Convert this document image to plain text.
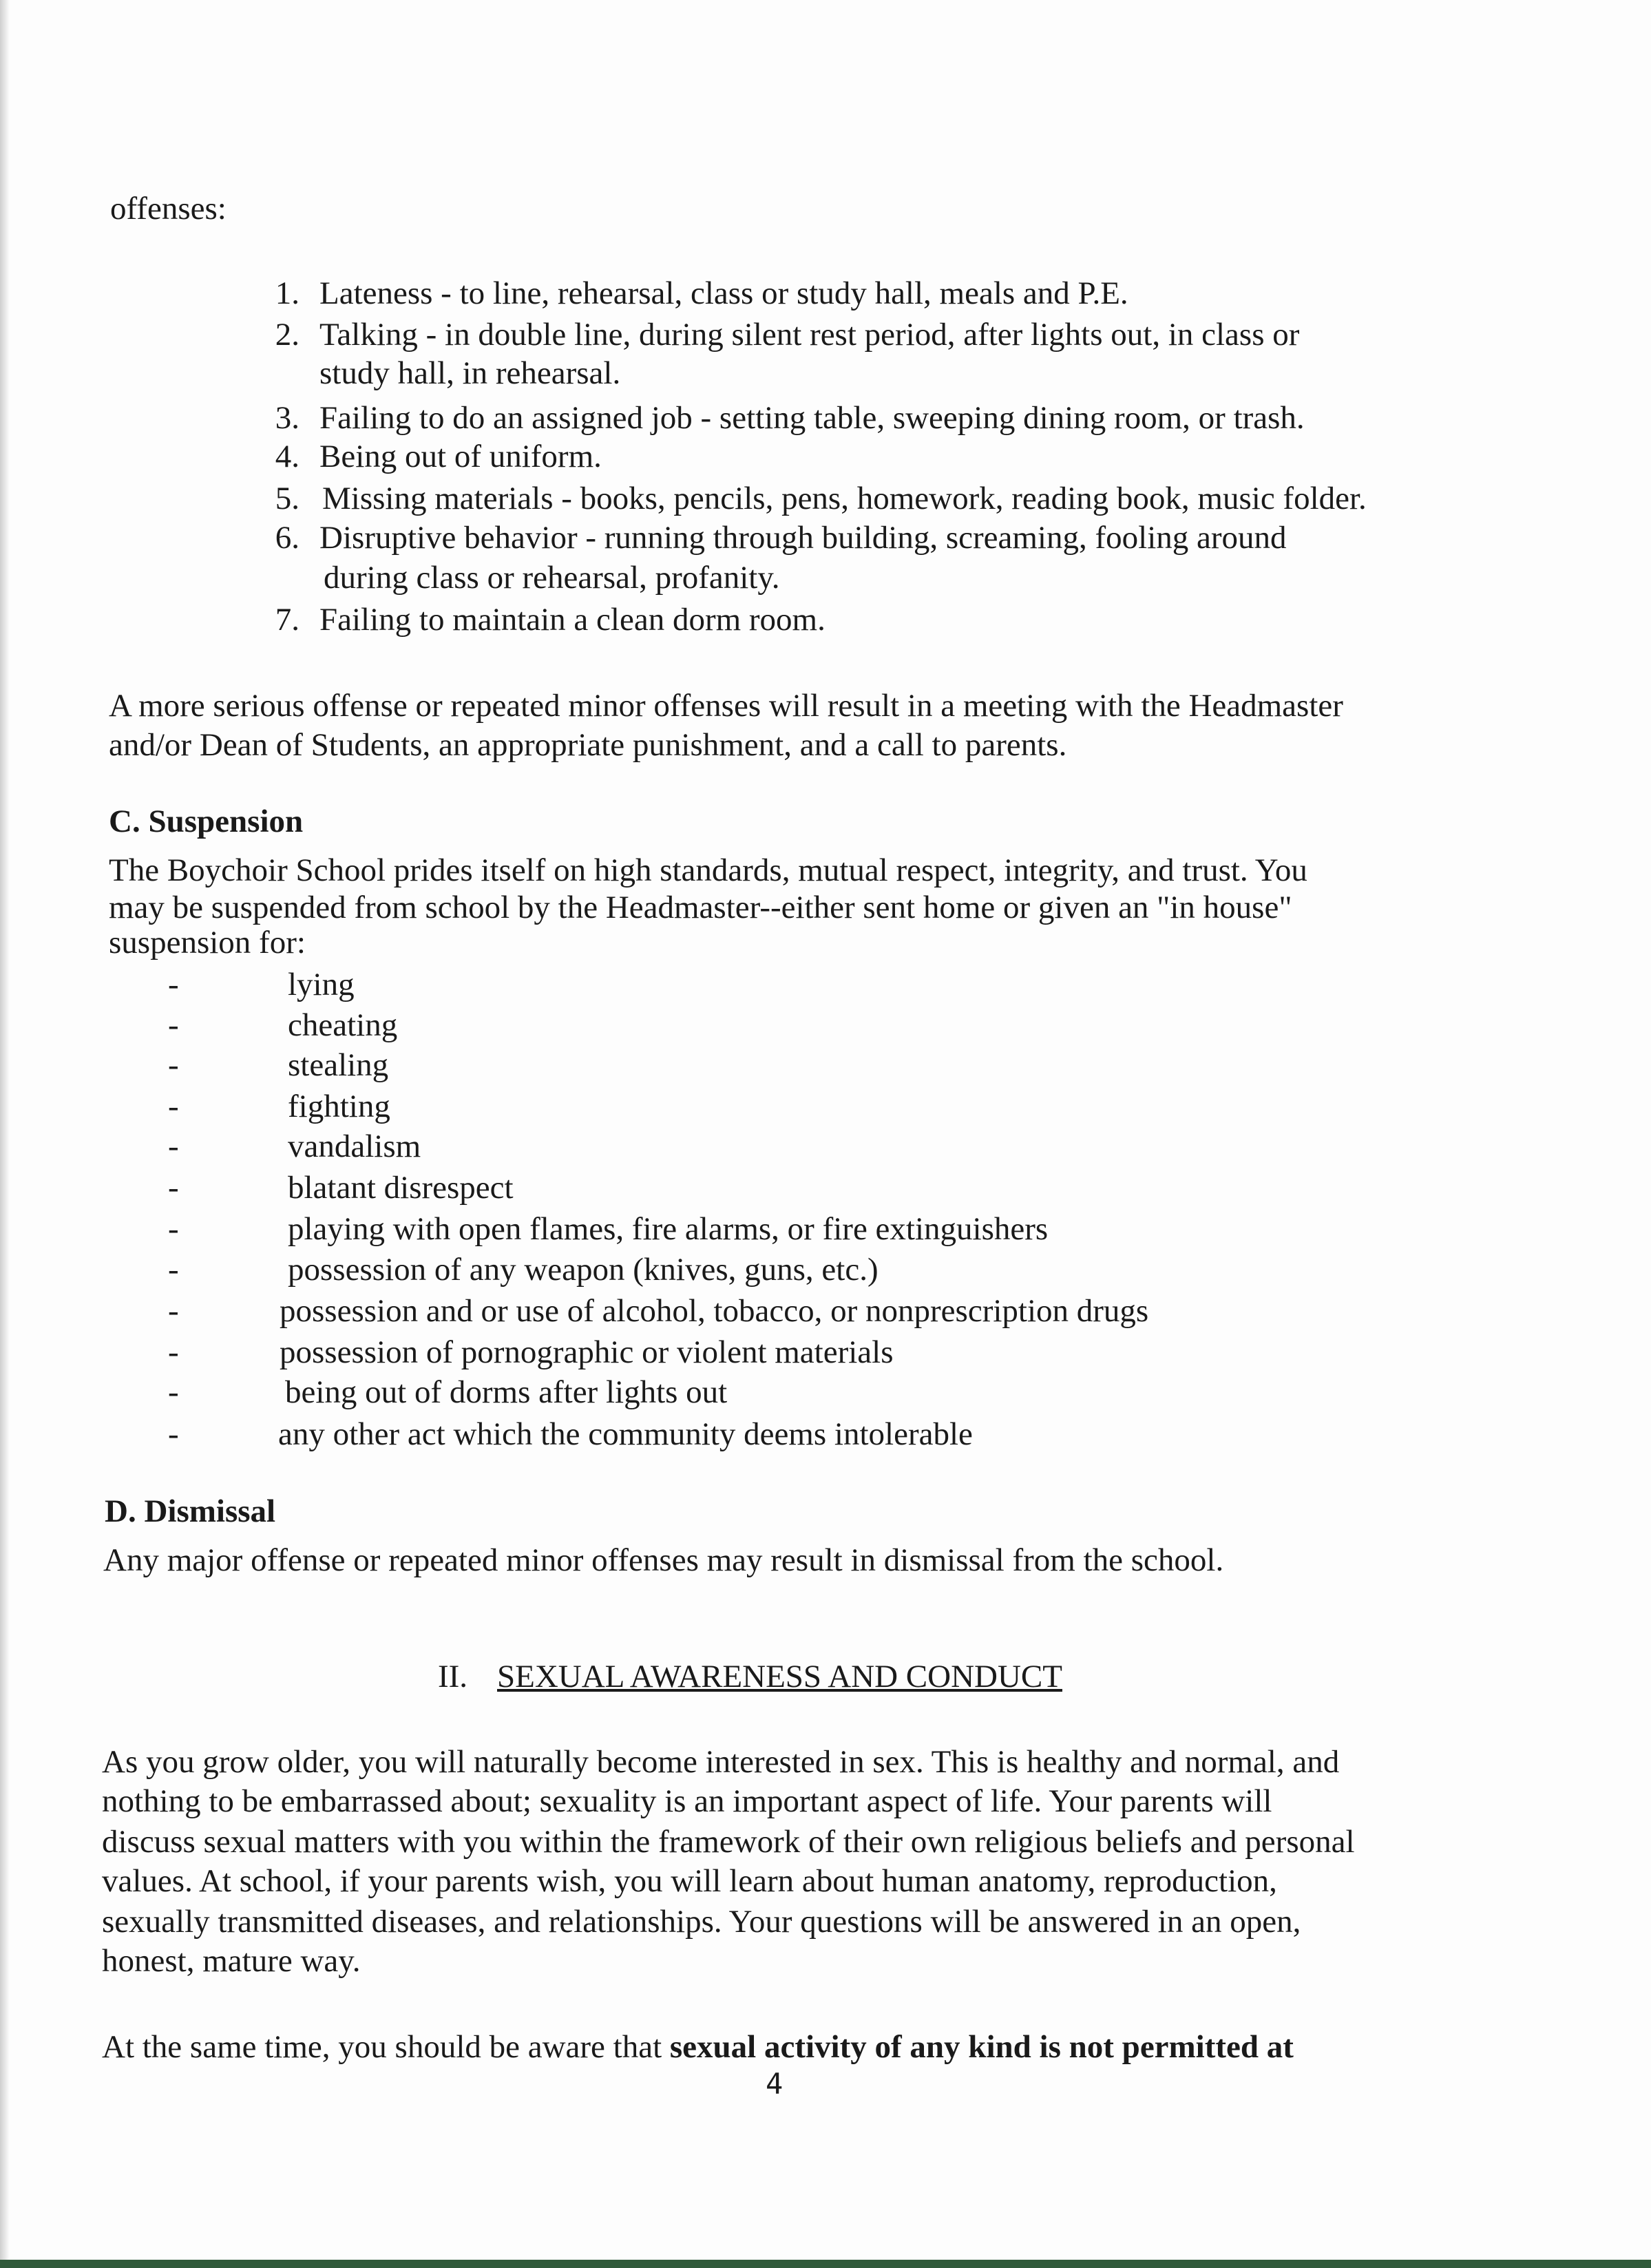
offenses:
1. Lateness - to line, rehearsal, class or study hall, meals and P.E.
2. Talking - in double line, during silent rest period, after lights out, in class or
study hall, in rehearsal.
3. Failing to do an assigned job - setting table, sweeping dining room, or trash.
4. Being out of uniform.
5. Missing materials - books, pencils, pens, homework, reading book, music folder.
6. Disruptive behavior - running through building, screaming, fooling around
during class or rehearsal, profanity.
7. Failing to maintain a clean dorm room.
A more serious offense or repeated minor offenses will result in a meeting with the Headmaster
and/or Dean of Students, an appropriate punishment, and a call to parents.
C. Suspension
The Boychoir School prides itself on high standards, mutual respect, integrity, and trust. You
may be suspended from school by the Headmaster--either sent home or given an "in house"
suspension for:
-	lying
-	cheating
-	stealing
-	fighting
-	vandalism
-	blatant disrespect
-	playing with open flames, fire alarms, or fire extinguishers
-	possession of any weapon (knives, guns, etc.)
-	possession and or use of alcohol, tobacco, or nonprescription drugs
-	possession of pornographic or violent materials
-	being out of dorms after lights out
-	any other act which the community deems intolerable
D. Dismissal
Any major offense or repeated minor offenses may result in dismissal from the school.
II. SEXUAL AWARENESS AND CONDUCT
As you grow older, you will naturally become interested in sex. This is healthy and normal, and
nothing to be embarrassed about; sexuality is an important aspect of life. Your parents will
discuss sexual matters with you within the framework of their own religious beliefs and personal
values. At school, if your parents wish, you will learn about human anatomy, reproduction,
sexually transmitted diseases, and relationships. Your questions will be answered in an open,
honest, mature way.
At the same time, you should be aware that sexual activity of any kind is not permitted at
4
